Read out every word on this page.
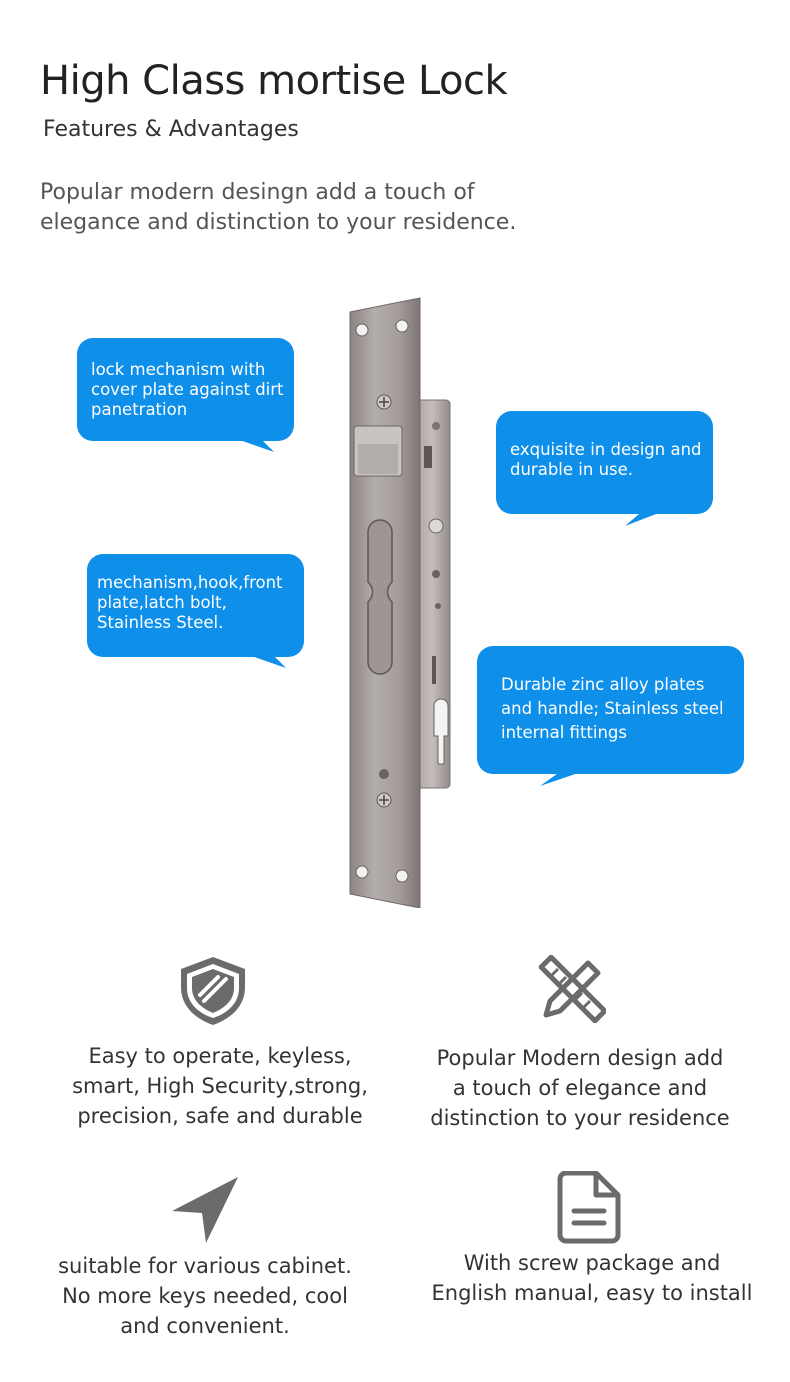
High Class mortise Lock
Features & Advantages
Popular modern desingn add a touch of elegance and distinction to your residence.
lock mechanism with
cover plate against dirt
panetration
exquisite in design and
durable in use.
mechanism,hook,front
plate,latch bolt,
Stainless Steel.
Durable zinc alloy plates
and handle; Stainless steel
internal fittings
Easy to operate, keyless,
smart, High Security,strong,
precision, safe and durable
Popular Modern design add
a touch of elegance and
distinction to your residence
suitable for various cabinet.
No more keys needed, cool
and convenient.
With screw package and
English manual, easy to install
